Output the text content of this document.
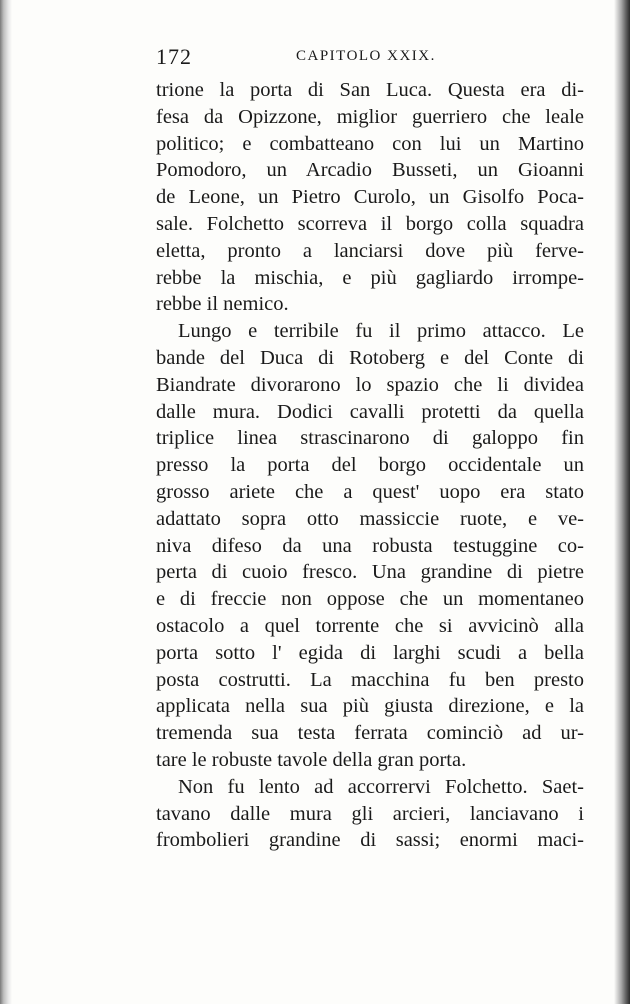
172	CAPITOLO XXIX.
trione la porta di San Luca. Questa era di-
fesa da Opizzone, miglior guerriero che leale
politico; e combatteano con lui un Martino
Pomodoro, un Arcadio Busseti, un Gioanni
de Leone, un Pietro Curolo, un Gisolfo Poca-
sale. Folchetto scorreva il borgo colla squadra
eletta, pronto a lanciarsi dove più ferve-
rebbe la mischia, e più gagliardo irrompe-
rebbe il nemico.
Lungo e terribile fu il primo attacco. Le
bande del Duca di Rotoberg e del Conte di
Biandrate divorarono lo spazio che li dividea
dalle mura. Dodici cavalli protetti da quella
triplice linea strascinarono di galoppo fin
presso la porta del borgo occidentale un
grosso ariete che a quest' uopo era stato
adattato sopra otto massiccie ruote, e ve-
niva difeso da una robusta testuggine co-
perta di cuoio fresco. Una grandine di pietre
e di freccie non oppose che un momentaneo
ostacolo a quel torrente che si avvicinò alla
porta sotto l' egida di larghi scudi a bella
posta costrutti. La macchina fu ben presto
applicata nella sua più giusta direzione, e la
tremenda sua testa ferrata cominciò ad ur-
tare le robuste tavole della gran porta.
Non fu lento ad accorrervi Folchetto. Saet-
tavano dalle mura gli arcieri, lanciavano i
frombolieri grandine di sassi; enormi maci-
